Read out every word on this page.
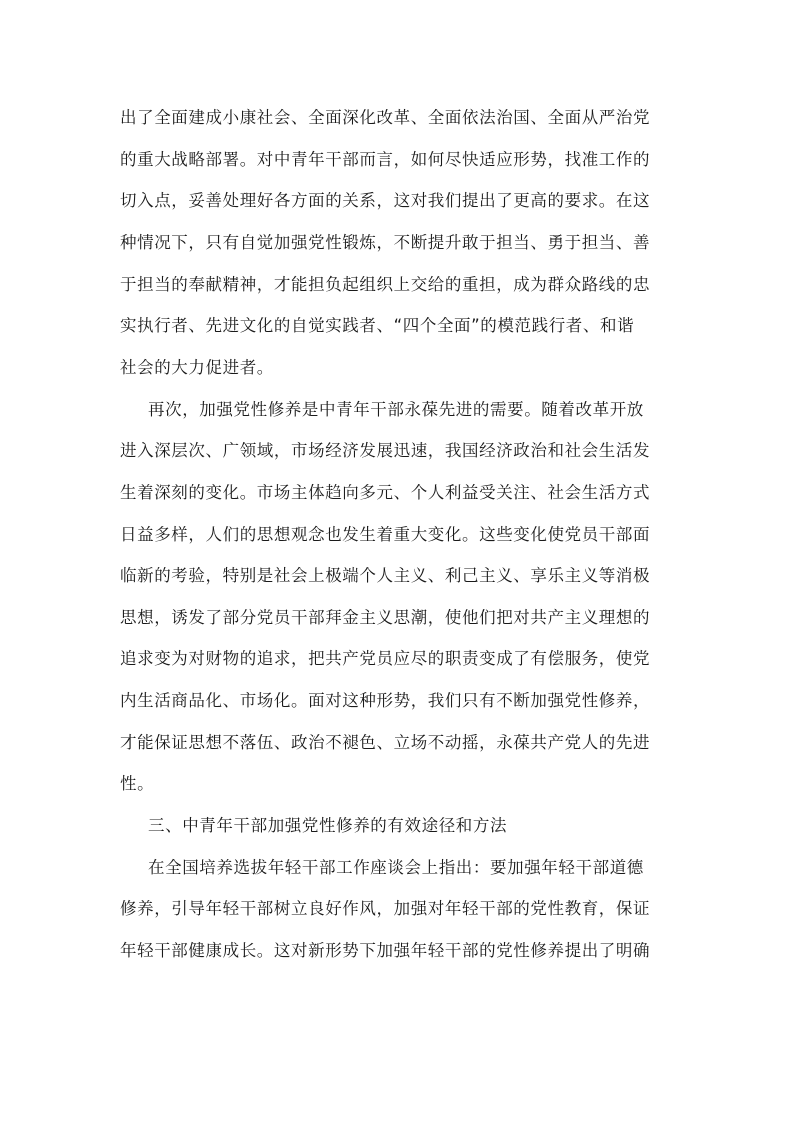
出了全面建成小康社会、全面深化改革、全面依法治国、全面从严治党
的重大战略部署。对中青年干部而言，如何尽快适应形势，找准工作的
切入点，妥善处理好各方面的关系，这对我们提出了更高的要求。在这
种情况下，只有自觉加强党性锻炼，不断提升敢于担当、勇于担当、善
于担当的奉献精神，才能担负起组织上交给的重担，成为群众路线的忠
实执行者、先进文化的自觉实践者、“四个全面”的模范践行者、和谐
社会的大力促进者。
再次，加强党性修养是中青年干部永葆先进的需要。随着改革开放
进入深层次、广领域，市场经济发展迅速，我国经济政治和社会生活发
生着深刻的变化。市场主体趋向多元、个人利益受关注、社会生活方式
日益多样，人们的思想观念也发生着重大变化。这些变化使党员干部面
临新的考验，特别是社会上极端个人主义、利己主义、享乐主义等消极
思想，诱发了部分党员干部拜金主义思潮，使他们把对共产主义理想的
追求变为对财物的追求，把共产党员应尽的职责变成了有偿服务，使党
内生活商品化、市场化。面对这种形势，我们只有不断加强党性修养，
才能保证思想不落伍、政治不褪色、立场不动摇，永葆共产党人的先进
性。
三、中青年干部加强党性修养的有效途径和方法
在全国培养选拔年轻干部工作座谈会上指出：要加强年轻干部道德
修养，引导年轻干部树立良好作风，加强对年轻干部的党性教育，保证
年轻干部健康成长。这对新形势下加强年轻干部的党性修养提出了明确
